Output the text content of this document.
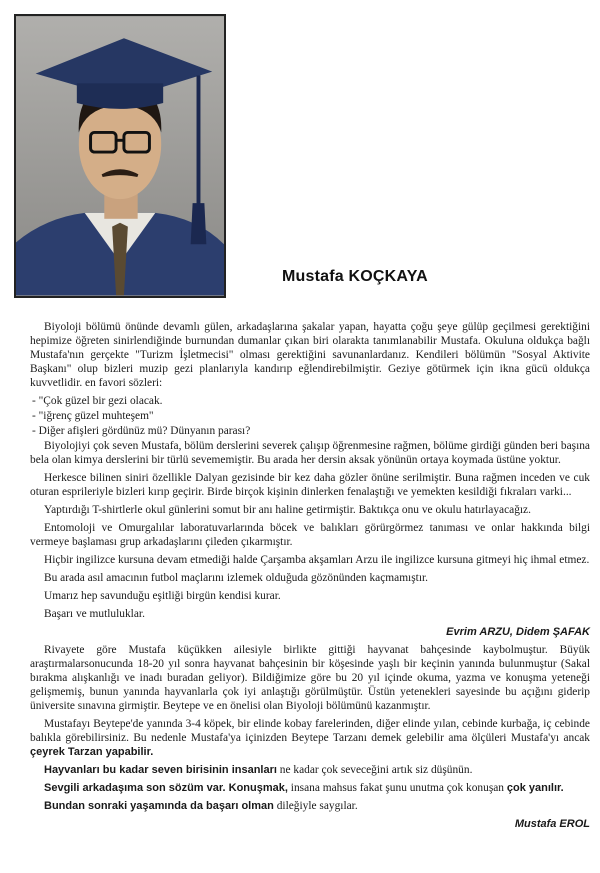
Mustafa KOÇKAYA

Biyoloji bölümü önünde devamlı gülen, arkadaşlarına şakalar yapan, hayatta çoğu şeye gülüp geçilmesi gerektiğini hepimize öğreten sinirlendiğinde burnundan dumanlar çıkan biri olarakta tanımlanabilir Mustafa. Okuluna oldukça bağlı Mustafa'nın gerçekte "Turizm İşletmecisi" olması gerektiğini savunanlardanız. Kendileri bölümün "Sosyal Aktivite Başkanı" olup bizleri muzip gezi planlarıyla kandırıp eğlendirebilmiştir. Geziye götürmek için ikna gücü oldukça kuvvetlidir. en favori sözleri:

- "Çok güzel bir gezi olacak.

- "iğrenç güzel muhteşem"

- Diğer afişleri gördünüz mü? Dünyanın parası?

Biyolojiyi çok seven Mustafa, bölüm derslerini severek çalışıp öğrenmesine rağmen, bölüme girdiği günden beri başına bela olan kimya derslerini bir türlü sevememiştir. Bu arada her dersin aksak yönünün ortaya koymada üstüne yoktur.

Herkesce bilinen siniri özellikle Dalyan gezisinde bir kez daha gözler önüne serilmiştir. Buna rağmen inceden ve cuk oturan esprileriyle bizleri kırıp geçirir. Birde birçok kişinin dinlerken fenalaştığı ve yemekten kesildiği fıkraları varki...

Yaptırdığı T-shirtlerle okul günlerini somut bir anı haline getirmiştir. Baktıkça onu ve okulu hatırlayacağız.

Entomoloji ve Omurgalılar laboratuvarlarında böcek ve balıkları görürgörmez tanıması ve onlar hakkında bilgi vermeye başlaması grup arkadaşlarını çileden çıkarmıştır.

Hiçbir ingilizce kursuna devam etmediği halde Çarşamba akşamları Arzu ile ingilizce kursuna gitmeyi hiç ihmal etmez.

Bu arada asıl amacının futbol maçlarını izlemek olduğuda gözönünden kaçmamıştır.

Umarız hep savunduğu eşitliği birgün kendisi kurar.

Başarı ve mutluluklar.

Evrim ARZU, Didem ŞAFAK

Rivayete göre Mustafa küçükken ailesiyle birlikte gittiği hayvanat bahçesinde kaybolmuştur. Büyük araştırmalarsonucunda 18-20 yıl sonra hayvanat bahçesinin bir köşesinde yaşlı bir keçinin yanında bulunmuştur (Sakal bırakma alışkanlığı ve inadı buradan geliyor). Bildiğimize göre bu 20 yıl içinde okuma, yazma ve konuşma yeteneği gelişmemiş, bunun yanında hayvanlarla çok iyi anlaştığı görülmüştür. Üstün yetenekleri sayesinde bu açığını giderip üniversite sınavına girmiştir. Beytepe ve en önelisi olan Biyoloji bölümünü kazanmıştır.

Mustafayı Beytepe'de yanında 3-4 köpek, bir elinde kobay farelerinden, diğer elinde yılan, cebinde kurbağa, iç cebinde balıkla görebilirsiniz. Bu nedenle Mustafa'ya içinizden Beytepe Tarzanı demek gelebilir ama ölçüleri Mustafa'yı ancak çeyrek Tarzan yapabilir.

Hayvanları bu kadar seven birisinin insanları ne kadar çok seveceğini artık siz düşünün.

Sevgili arkadaşıma son sözüm var. Konuşmak, insana mahsus fakat şunu unutma çok konuşan çok yanılır.

Bundan sonraki yaşamında da başarı olman dileğiyle saygılar.

Mustafa EROL
